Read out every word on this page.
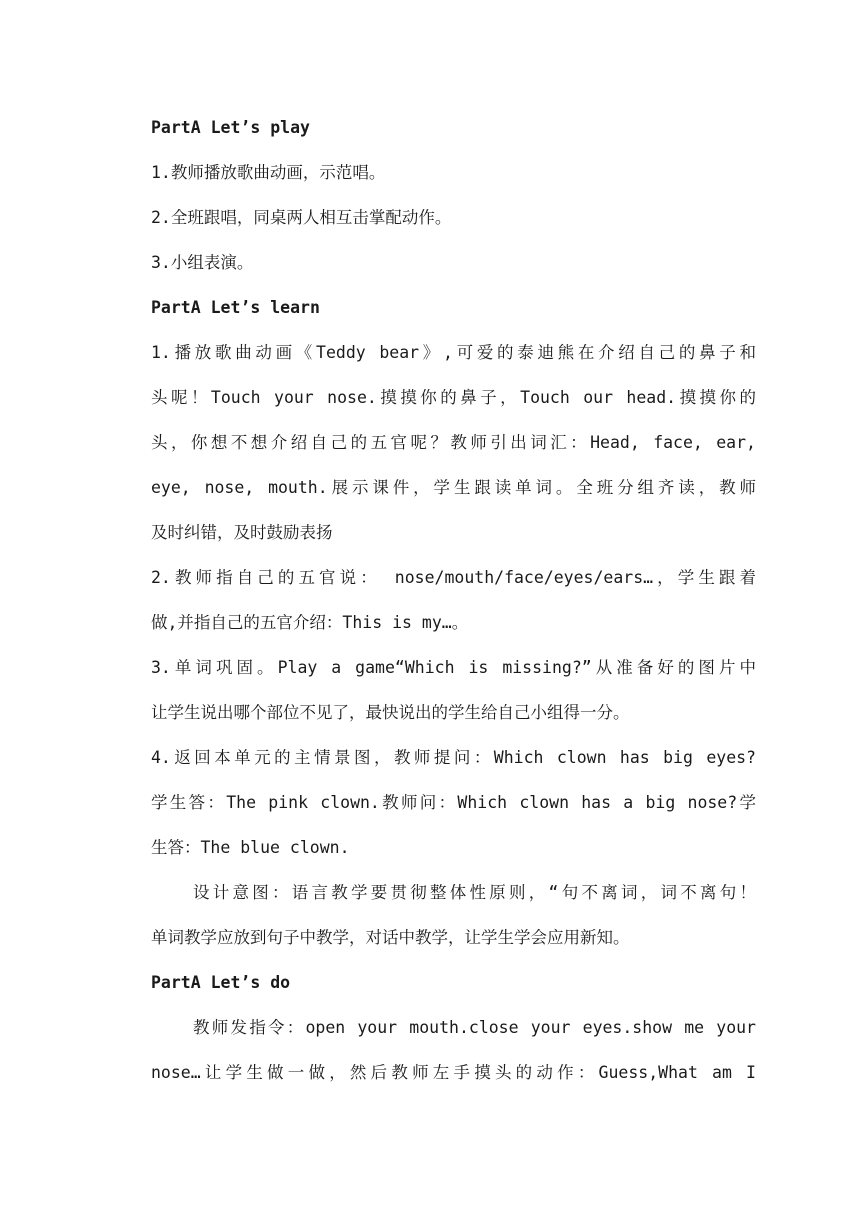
PartA Let’s play
1.教师播放歌曲动画，示范唱。
2.全班跟唱，同桌两人相互击掌配动作。
3.小组表演。
PartA Let’s learn
1.播放歌曲动画《Teddy bear》,可爱的泰迪熊在介绍自己的鼻子和
头呢！Touch your nose.摸摸你的鼻子，Touch our head.摸摸你的
头，你想不想介绍自己的五官呢？教师引出词汇：Head, face, ear,
eye, nose, mouth.展示课件，学生跟读单词。全班分组齐读，教师
及时纠错，及时鼓励表扬
2.教师指自己的五官说： nose/mouth/face/eyes/ears…，学生跟着
做,并指自己的五官介绍：This is my…。
3.单词巩固。Play a game“Which is missing?”从准备好的图片中
让学生说出哪个部位不见了，最快说出的学生给自己小组得一分。
4.返回本单元的主情景图，教师提问：Which clown has big eyes?
学生答：The pink clown.教师问：Which clown has a big nose?学
生答：The blue clown.
设计意图：语言教学要贯彻整体性原则，“句不离词，词不离句！
单词教学应放到句子中教学，对话中教学，让学生学会应用新知。
PartA Let’s do
教师发指令：open your mouth.close your eyes.show me your
nose…让学生做一做，然后教师左手摸头的动作：Guess,What am I
